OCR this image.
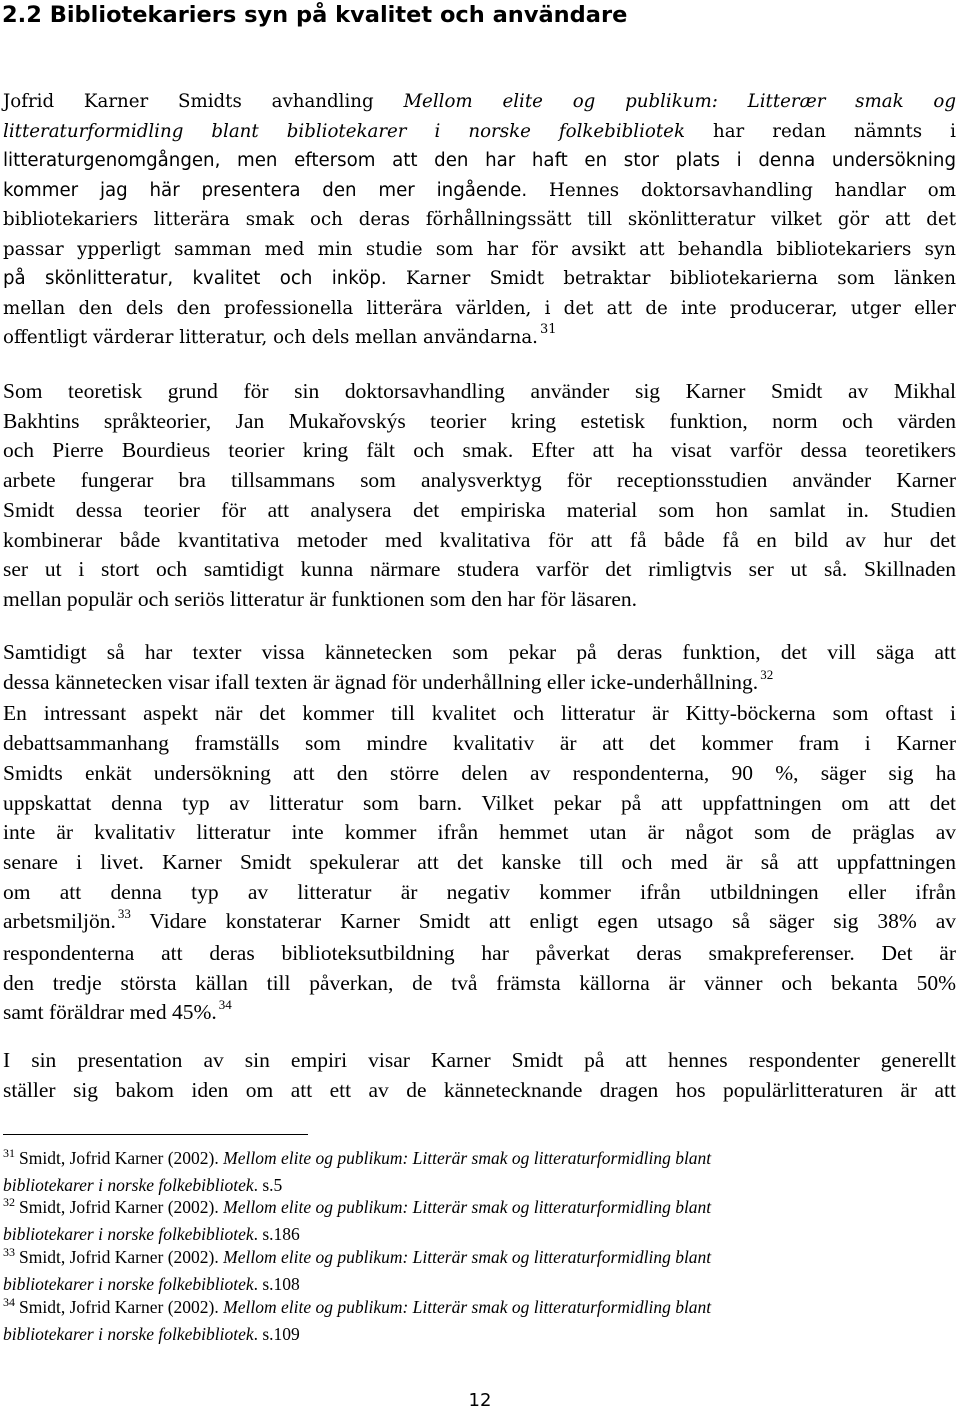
2.2 Bibliotekariers syn på kvalitet och användare
Jofrid Karner Smidts avhandling Mellom elite og publikum: Litterær smak og
litteraturformidling blant bibliotekarer i norske folkebibliotek har redan nämnts i
litteraturgenomgången, men eftersom att den har haft en stor plats i denna undersökning
kommer jag här presentera den mer ingående. Hennes doktorsavhandling handlar om
bibliotekariers litterära smak och deras förhållningssätt till skönlitteratur vilket gör att det
passar ypperligt samman med min studie som har för avsikt att behandla bibliotekariers syn
på skönlitteratur, kvalitet och inköp. Karner Smidt betraktar bibliotekarierna som länken
mellan den dels den professionella litterära världen, i det att de inte producerar, utger eller
offentligt värderar litteratur, och dels mellan användarna. $^{31}$
Som teoretisk grund för sin doktorsavhandling använder sig Karner Smidt av Mikhal
Bakhtins språkteorier, Jan Mukařovskýs teorier kring estetisk funktion, norm och värden
och Pierre Bourdieus teorier kring fält och smak. Efter att ha visat varför dessa teoretikers
arbete fungerar bra tillsammans som analysverktyg för receptionsstudien använder Karner
Smidt dessa teorier för att analysera det empiriska material som hon samlat in. Studien
kombinerar både kvantitativa metoder med kvalitativa för att få både få en bild av hur det
ser ut i stort och samtidigt kunna närmare studera varför det rimligtvis ser ut så. Skillnaden
mellan populär och seriös litteratur är funktionen som den har för läsaren.
Samtidigt så har texter vissa kännetecken som pekar på deras funktion, det vill säga att
dessa kännetecken visar ifall texten är ägnad för underhållning eller icke-underhållning. $^{32}$
En intressant aspekt när det kommer till kvalitet och litteratur är Kitty-böckerna som oftast i
debattsammanhang framställs som mindre kvalitativ är att det kommer fram i Karner
Smidts enkät undersökning att den större delen av respondenterna, 90 %, säger sig ha
uppskattat denna typ av litteratur som barn. Vilket pekar på att uppfattningen om att det
inte är kvalitativ litteratur inte kommer ifrån hemmet utan är något som de präglas av
senare i livet. Karner Smidt spekulerar att det kanske till och med är så att uppfattningen
om att denna typ av litteratur är negativ kommer ifrån utbildningen eller ifrån
arbetsmiljön. $^{33}$ Vidare konstaterar Karner Smidt att enligt egen utsago så säger sig 38% av
respondenterna att deras biblioteksutbildning har påverkat deras smakpreferenser. Det är
den tredje största källan till påverkan, de två främsta källorna är vänner och bekanta 50%
samt föräldrar med 45%. $^{34}$
I sin presentation av sin empiri visar Karner Smidt på att hennes respondenter generellt
ställer sig bakom iden om att ett av de kännetecknande dragen hos populärlitteraturen är att
$^{31}$ Smidt, Jofrid Karner (2002). Mellom elite og publikum: Litterär smak og litteraturformidling blant
bibliotekarer i norske folkebibliotek. s.5
$^{32}$ Smidt, Jofrid Karner (2002). Mellom elite og publikum: Litterär smak og litteraturformidling blant
bibliotekarer i norske folkebibliotek. s.186
$^{33}$ Smidt, Jofrid Karner (2002). Mellom elite og publikum: Litterär smak og litteraturformidling blant
bibliotekarer i norske folkebibliotek. s.108
$^{34}$ Smidt, Jofrid Karner (2002). Mellom elite og publikum: Litterär smak og litteraturformidling blant
bibliotekarer i norske folkebibliotek. s.109
12
